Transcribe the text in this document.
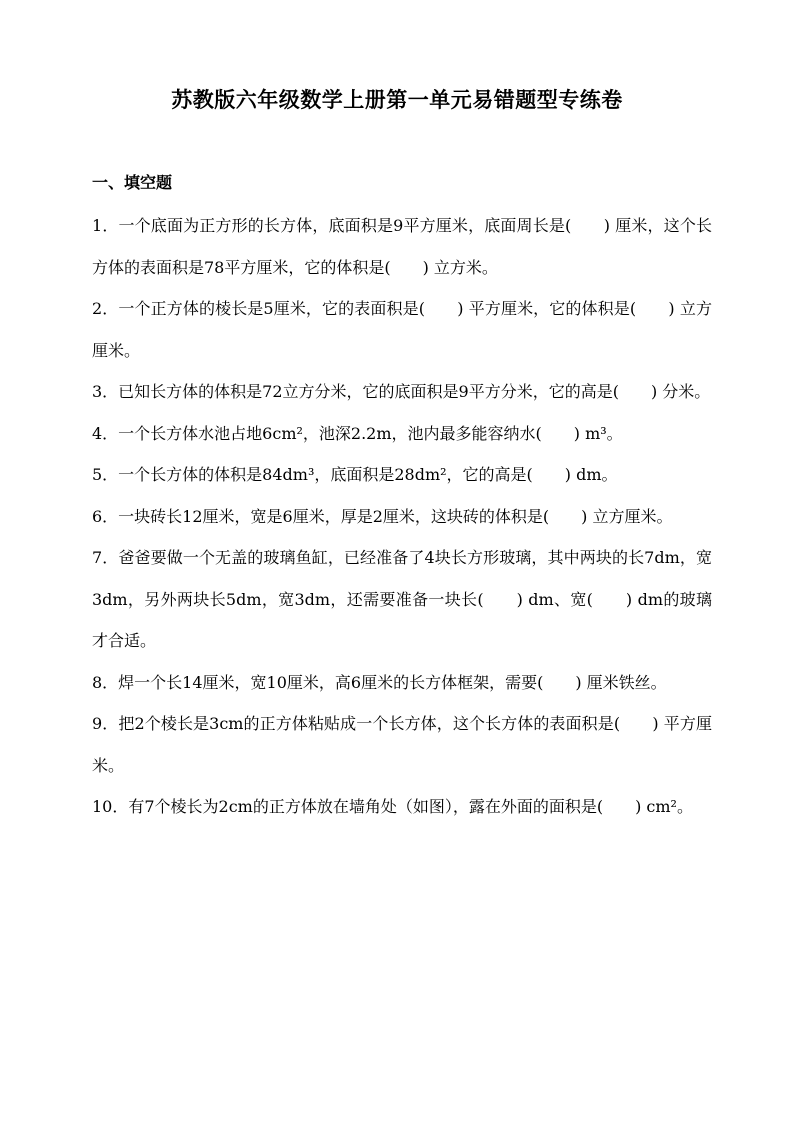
苏教版六年级数学上册第一单元易错题型专练卷
一、填空题
1．一个底面为正方形的长方体，底面积是9平方厘米，底面周长是(　　) 厘米，这个长方体的表面积是78平方厘米，它的体积是(　　) 立方米。
2．一个正方体的棱长是5厘米，它的表面积是(　　) 平方厘米，它的体积是(　　) 立方厘米。
3．已知长方体的体积是72立方分米，它的底面积是9平方分米，它的高是(　　) 分米。
4．一个长方体水池占地6cm²，池深2.2m，池内最多能容纳水(　　) m³。
5．一个长方体的体积是84dm³，底面积是28dm²，它的高是(　　) dm。
6．一块砖长12厘米，宽是6厘米，厚是2厘米，这块砖的体积是(　　) 立方厘米。
7．爸爸要做一个无盖的玻璃鱼缸，已经准备了4块长方形玻璃，其中两块的长7dm，宽3dm，另外两块长5dm，宽3dm，还需要准备一块长(　　) dm、宽(　　) dm的玻璃才合适。
8．焊一个长14厘米，宽10厘米，高6厘米的长方体框架，需要(　　) 厘米铁丝。
9．把2个棱长是3cm的正方体粘贴成一个长方体，这个长方体的表面积是(　　) 平方厘米。
10．有7个棱长为2cm的正方体放在墙角处（如图），露在外面的面积是(　　) cm²。
